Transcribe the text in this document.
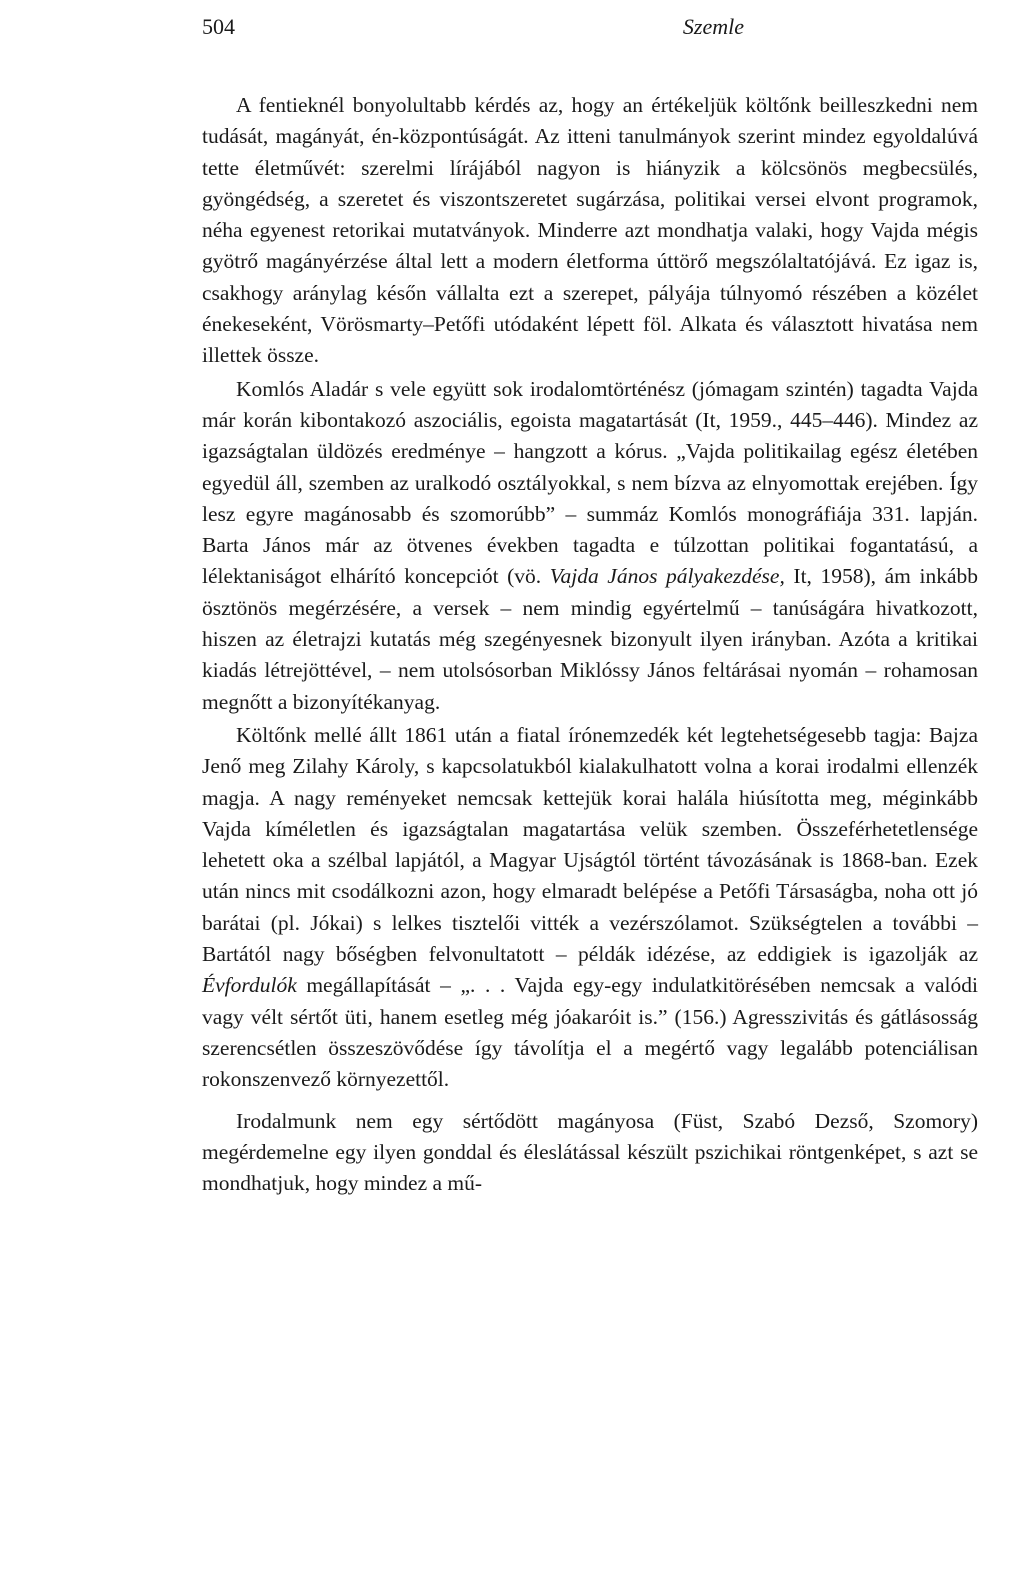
504	Szemle

A fentieknél bonyolultabb kérdés az, hogy an értékeljük költőnk beilleszkedni nem tudását, magányát, én-központúságát. Az itteni tanulmányok szerint mindez egyoldalúvá tette életművét: szerelmi lírájából nagyon is hiányzik a kölcsönös megbecsülés, gyöngédség, a szeretet és viszontszeretet sugárzása, politikai versei elvont programok, néha egyenest retorikai mutatványok. Minderre azt mondhatja valaki, hogy Vajda mégis gyötrő magányérzése által lett a modern életforma úttörő megszólaltatójává. Ez igaz is, csakhogy aránylag későn vállalta ezt a szerepet, pályája túlnyomó részében a közélet énekeseként, Vörösmarty–Petőfi utódaként lépett föl. Alkata és választott hivatása nem illettek össze.

Komlós Aladár s vele együtt sok irodalomtörténész (jómagam szintén) tagadta Vajda már korán kibontakozó aszociális, egoista magatartását (It, 1959., 445–446). Mindez az igazságtalan üldözés eredménye – hangzott a kórus. „Vajda politikailag egész életében egyedül áll, szemben az uralkodó osztályokkal, s nem bízva az elnyomottak erejében. Így lesz egyre magánosabb és szomorúbb” – summáz Komlós monográfiája 331. lapján. Barta János már az ötvenes években tagadta e túlzottan politikai fogantatású, a lélektaniságot elhárító koncepciót (vö. Vajda János pályakezdése, It, 1958), ám inkább ösztönös megérzésére, a versek – nem mindig egyértelmű – tanúságára hivatkozott, hiszen az életrajzi kutatás még szegényesnek bizonyult ilyen irányban. Azóta a kritikai kiadás létrejöttével, – nem utolsósorban Miklóssy János feltárásai nyomán – rohamosan megnőtt a bizonyítékanyag.

Költőnk mellé állt 1861 után a fiatal írónemzedék két legtehetségesebb tagja: Bajza Jenő meg Zilahy Károly, s kapcsolatukból kialakulhatott volna a korai irodalmi ellenzék magja. A nagy reményeket nemcsak kettejük korai halála hiúsította meg, méginkább Vajda kíméletlen és igazságtalan magatartása velük szemben. Összeférhetetlensége lehetett oka a szélbal lapjától, a Magyar Ujságtól történt távozásának is 1868-ban. Ezek után nincs mit csodálkozni azon, hogy elmaradt belépése a Petőfi Társaságba, noha ott jó barátai (pl. Jókai) s lelkes tisztelői vitték a vezérszólamot. Szükségtelen a további – Bartától nagy bőségben felvonultatott – példák idézése, az eddigiek is igazolják az Évfordulók megállapítását – „. . . Vajda egy-egy indulatkitörésében nemcsak a valódi vagy vélt sértőt üti, hanem esetleg még jóakaróit is.” (156.) Agresszivitás és gátlásosság szerencsétlen összeszövődése így távolítja el a megértő vagy legalább potenciálisan rokonszenvező környezettől.

Irodalmunk nem egy sértődött magányosa (Füst, Szabó Dezső, Szomory) megérdemelne egy ilyen gonddal és éleslátással készült pszichikai röntgenképet, s azt se mondhatjuk, hogy mindez a mű-
